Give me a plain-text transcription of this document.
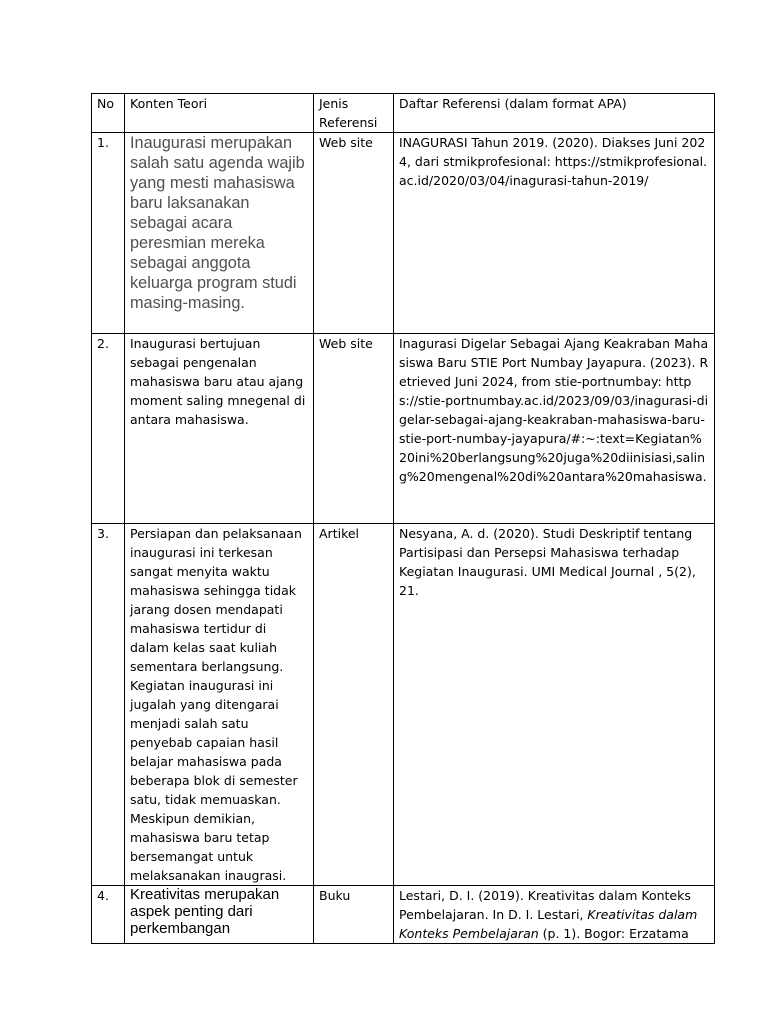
No	Konten Teori	Jenis Referensi	Daftar Referensi (dalam format APA)
1.	Inaugurasi merupakan salah satu agenda wajib yang mesti mahasiswa baru laksanakan sebagai acara peresmian mereka sebagai anggota keluarga program studi masing-masing.	Web site	INAGURASI Tahun 2019. (2020). Diakses Juni 2024, dari stmikprofesional: https://stmikprofesional.ac.id/2020/03/04/inagurasi-tahun-2019/
2.	Inaugurasi bertujuan sebagai pengenalan mahasiswa baru atau ajang moment saling mnegenal di antara mahasiswa.	Web site	Inagurasi Digelar Sebagai Ajang Keakraban Mahasiswa Baru STIE Port Numbay Jayapura. (2023). Retrieved Juni 2024, from stie-portnumbay: https://stie-portnumbay.ac.id/2023/09/03/inagurasi-digelar-sebagai-ajang-keakraban-mahasiswa-baru-stie-port-numbay-jayapura/#:~:text=Kegiatan%20ini%20berlangsung%20juga%20diinisiasi,saling%20mengenal%20di%20antara%20mahasiswa.
3.	Persiapan dan pelaksanaan inaugurasi ini terkesan sangat menyita waktu mahasiswa sehingga tidak jarang dosen mendapati mahasiswa tertidur di dalam kelas saat kuliah sementara berlangsung. Kegiatan inaugurasi ini jugalah yang ditengarai menjadi salah satu penyebab capaian hasil belajar mahasiswa pada beberapa blok di semester satu, tidak memuaskan. Meskipun demikian, mahasiswa baru tetap bersemangat untuk melaksanakan inaugrasi.	Artikel	Nesyana, A. d. (2020). Studi Deskriptif tentang Partisipasi dan Persepsi Mahasiswa terhadap Kegiatan Inaugurasi. UMI Medical Journal , 5(2), 21.
4.	Kreativitas merupakan aspek penting dari perkembangan	Buku	Lestari, D. I. (2019). Kreativitas dalam Konteks Pembelajaran. In D. I. Lestari, Kreativitas dalam Konteks Pembelajaran (p. 1). Bogor: Erzatama
